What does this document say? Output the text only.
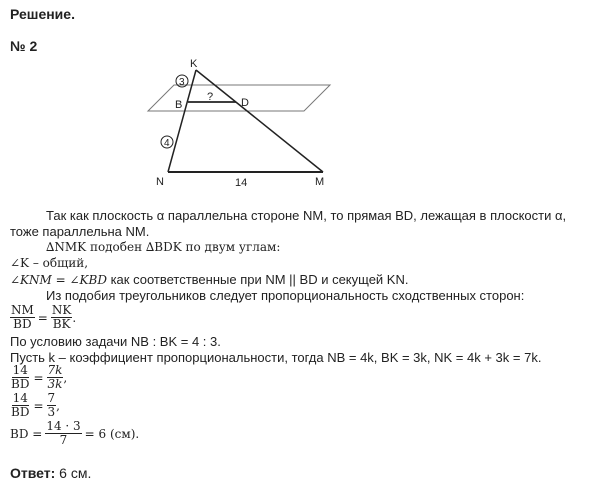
Решение.
№ 2
K
B	D
?
N	M
14
3
4
Так как плоскость α параллельна стороне NM, то прямая BD, лежащая в плоскости α,
тоже параллельна NM.
∆NMK подобен ∆BDK по двум углам:
∠K – общий,
∠KNM = ∠KBD как соответственные при NM || BD и секущей KN.
Из подобия треугольников следует пропорциональность сходственных сторон:
$\frac{NM}{BD} = \frac{NK}{BK}$ .
По условию задачи NB : BK = 4 : 3.
Пусть k – коэффициент пропорциональности, тогда NB = 4k, BK = 3k, NK = 4k + 3k = 7k.
$\frac{14}{BD} = \frac{7k}{3k}$ ,
$\frac{14}{BD} = \frac{7}{3}$ ,
BD = $\frac{14 \cdot 3}{7} = 6$ (см).
Ответ: 6 см.
